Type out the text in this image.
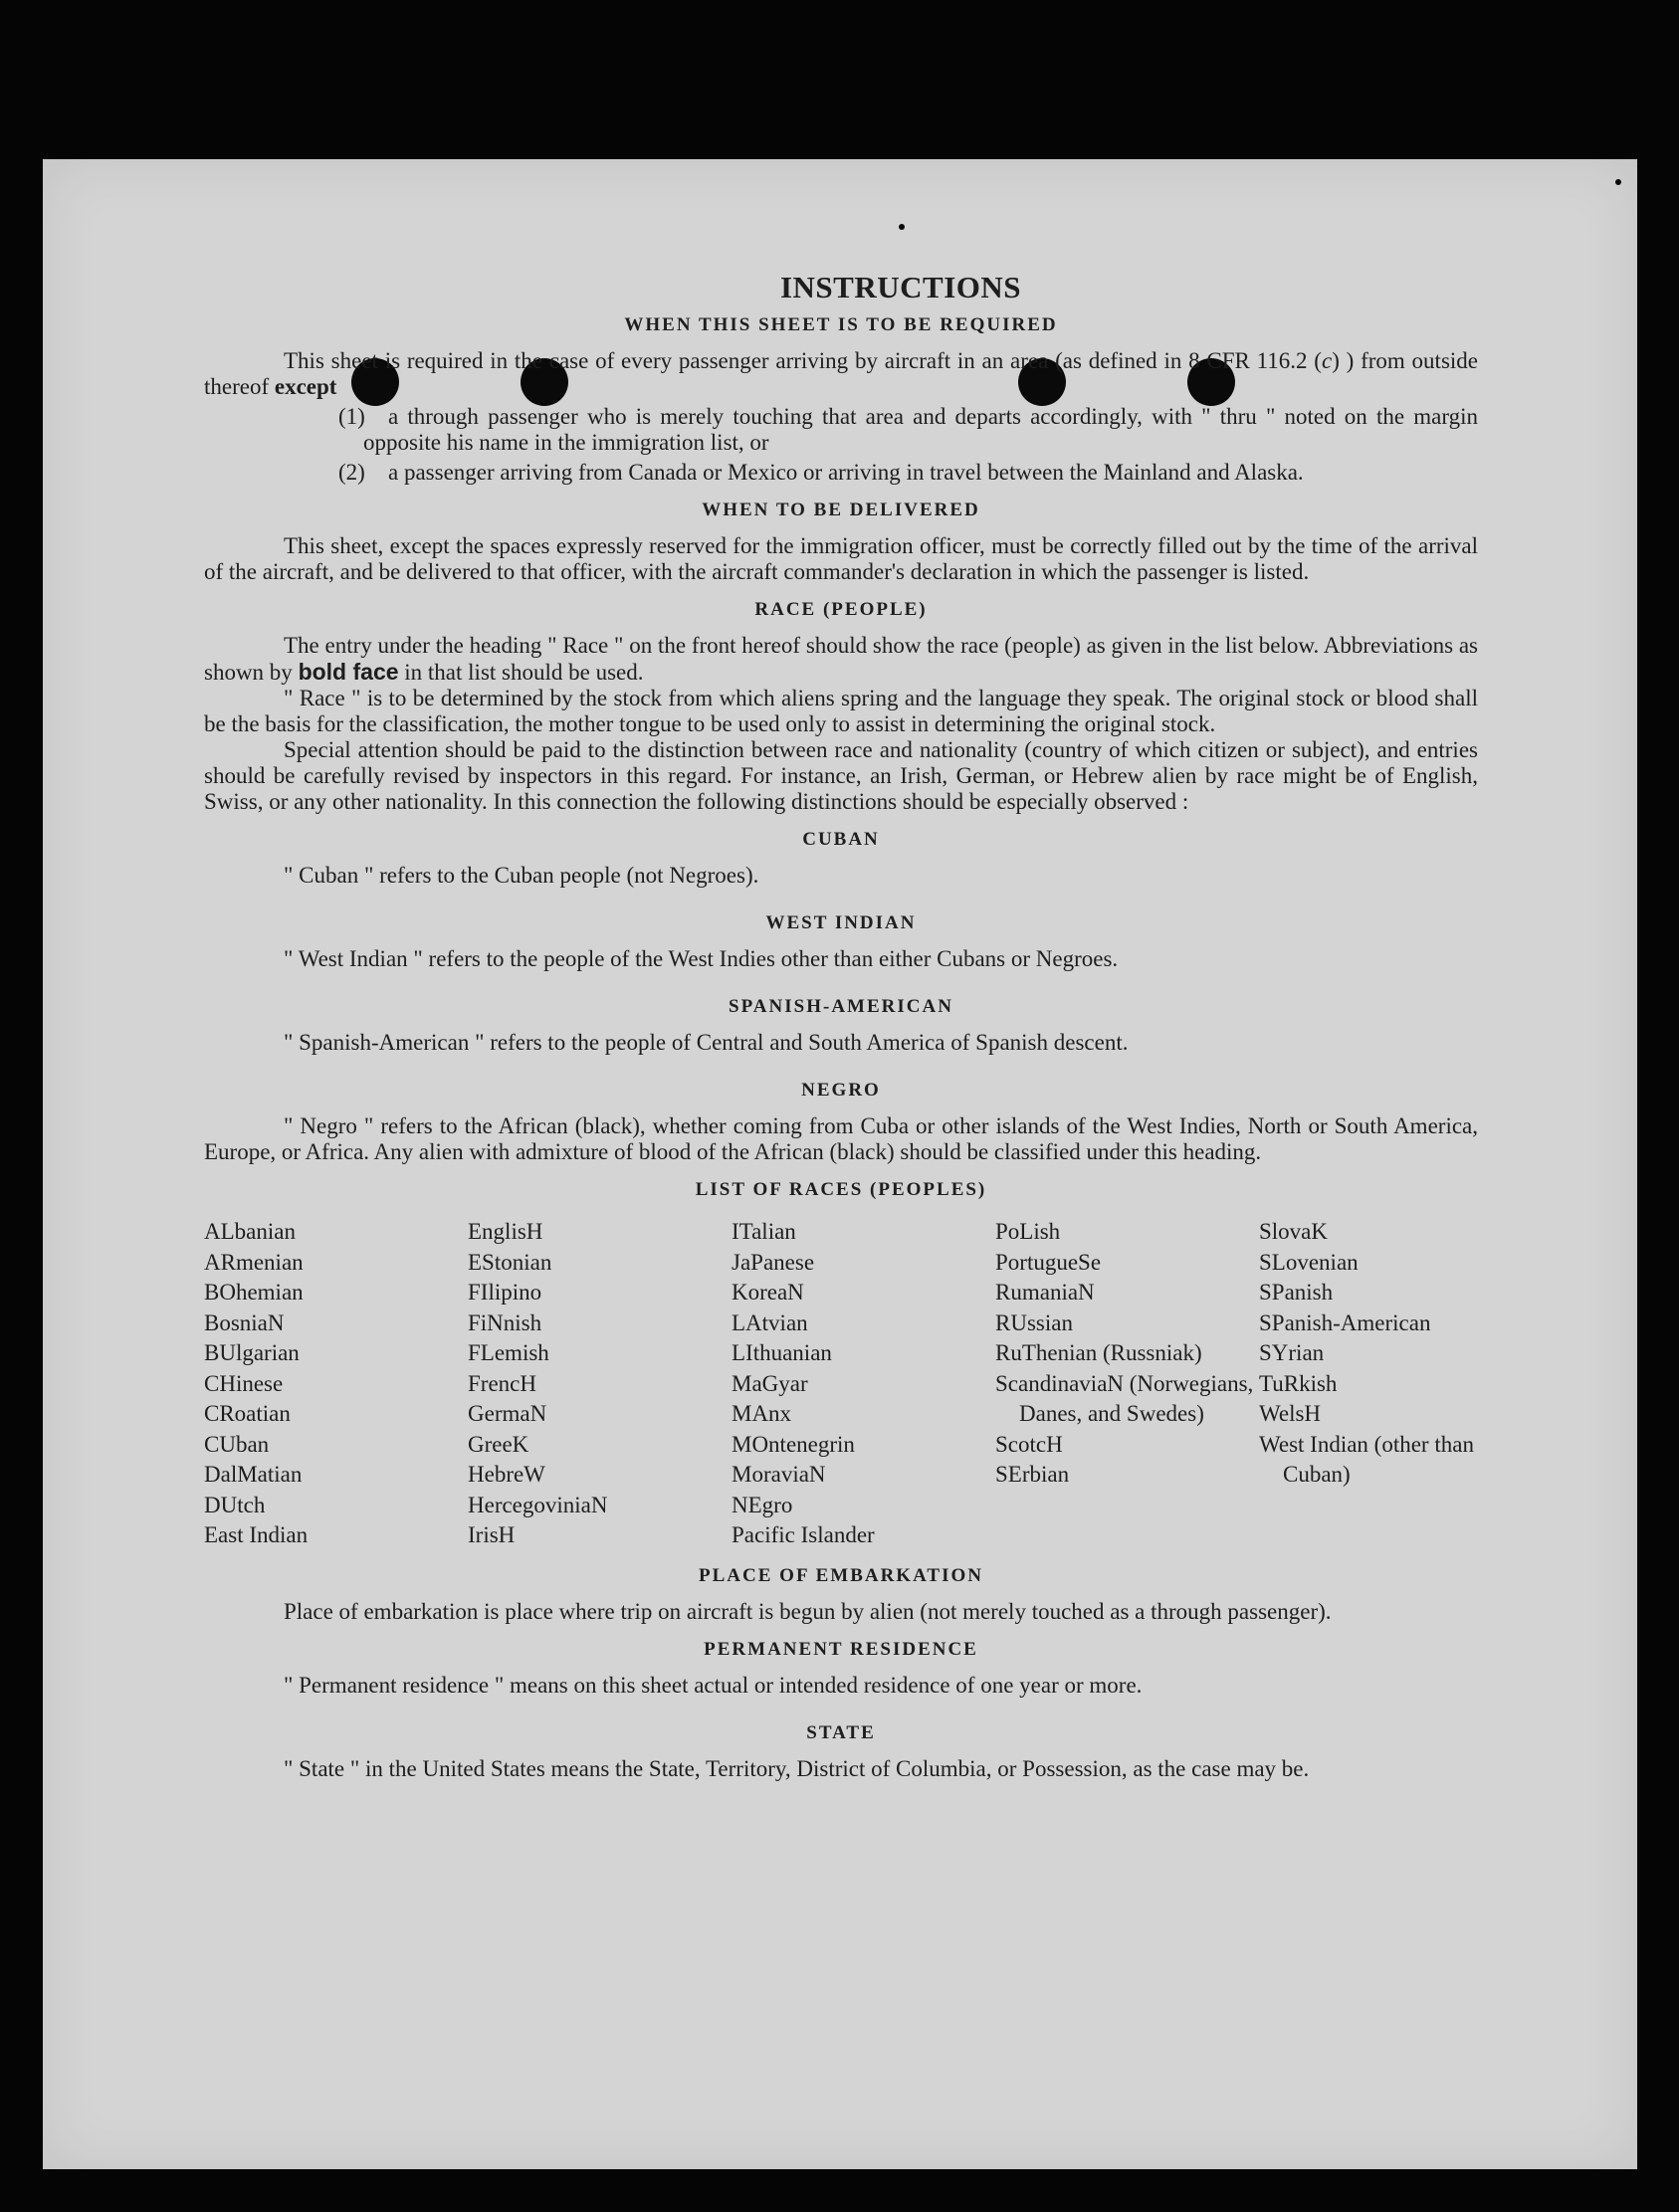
INSTRUCTIONS
WHEN THIS SHEET IS TO BE REQUIRED

This sheet is required in the case of every passenger arriving by aircraft in an area (as defined in 8 CFR 116.2 (c) ) from outside thereof except

(1) a through passenger who is merely touching that area and departs accordingly, with " thru " noted on the margin opposite his name in the immigration list, or
(2) a passenger arriving from Canada or Mexico or arriving in travel between the Mainland and Alaska.
WHEN TO BE DELIVERED

This sheet, except the spaces expressly reserved for the immigration officer, must be correctly filled out by the time of the arrival of the aircraft, and be delivered to that officer, with the aircraft commander's declaration in which the passenger is listed.

RACE (PEOPLE)

The entry under the heading " Race " on the front hereof should show the race (people) as given in the list below. Abbreviations as shown by bold face in that list should be used.

" Race " is to be determined by the stock from which aliens spring and the language they speak. The original stock or blood shall be the basis for the classification, the mother tongue to be used only to assist in determining the original stock.

Special attention should be paid to the distinction between race and nationality (country of which citizen or subject), and entries should be carefully revised by inspectors in this regard. For instance, an Irish, German, or Hebrew alien by race might be of English, Swiss, or any other nationality. In this connection the following distinctions should be especially observed :

CUBAN

" Cuban " refers to the Cuban people (not Negroes).

WEST INDIAN

" West Indian " refers to the people of the West Indies other than either Cubans or Negroes.

SPANISH-AMERICAN

" Spanish-American " refers to the people of Central and South America of Spanish descent.

NEGRO

" Negro " refers to the African (black), whether coming from Cuba or other islands of the West Indies, North or South America, Europe, or Africa. Any alien with admixture of blood of the African (black) should be classified under this heading.

LIST OF RACES (PEOPLES)
ALbanian
ARmenian
BOhemian
BosniaN
BUlgarian
CHinese
CRoatian
CUban
DalMatian
DUtch
East Indian
EnglisH
EStonian
FIlipino
FiNnish
FLemish
FrencH
GermaN
GreeK
HebreW
HercegoviniaN
IrisH
ITalian
JaPanese
KoreaN
LAtvian
LIthuanian
MaGyar
MAnx
MOntenegrin
MoraviaN
NEgro
Pacific Islander
PoLish
PortugueSe
RumaniaN
RUssian
RuThenian (Russniak)
ScandinaviaN (Norwegians, Danes, and Swedes)
ScotcH
SErbian
SlovaK
SLovenian
SPanish
SPanish-American
SYrian
TuRkish
WelsH
West Indian (other than Cuban)
PLACE OF EMBARKATION

Place of embarkation is place where trip on aircraft is begun by alien (not merely touched as a through passenger).

PERMANENT RESIDENCE

" Permanent residence " means on this sheet actual or intended residence of one year or more.

STATE

" State " in the United States means the State, Territory, District of Columbia, or Possession, as the case may be.
